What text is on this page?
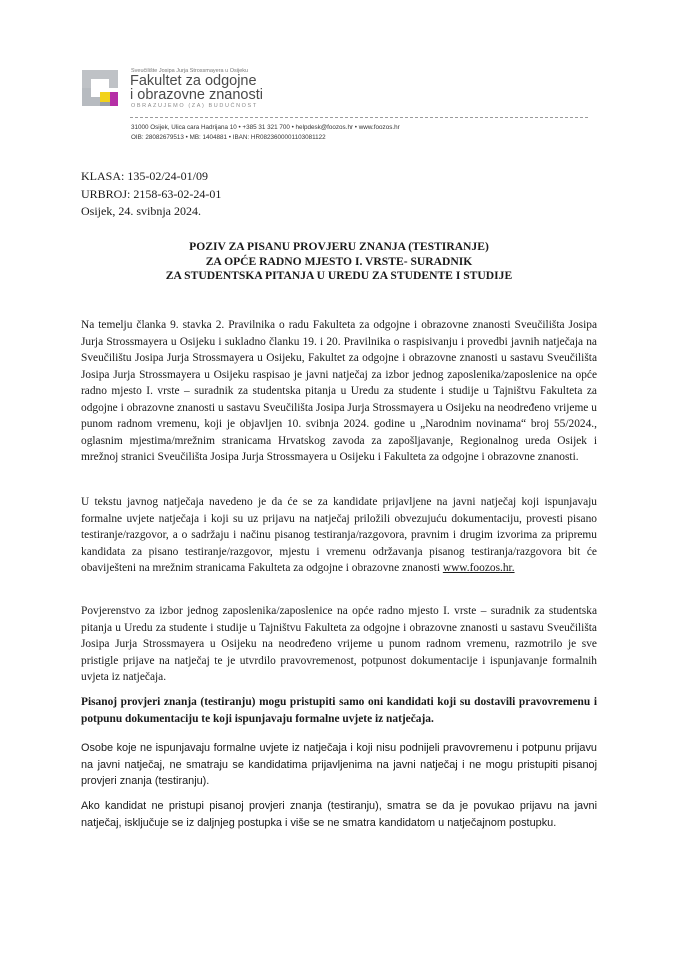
Sveučilište Josipa Jurja Strossmayera u Osijeku
Fakultet za odgojne
i obrazovne znanosti
OBRAZUJEMO (ZA) BUDUĆNOST
31000 Osijek, Ulica cara Hadrijana 10 • +385 31 321 700 • helpdesk@foozos.hr • www.foozos.hr
OIB: 28082679513 • MB: 1404881 • IBAN: HR0823600001103081122
KLASA: 135-02/24-01/09
URBROJ: 2158-63-02-24-01
Osijek, 24. svibnja 2024.
POZIV ZA PISANU PROVJERU ZNANJA (TESTIRANJE)
ZA OPĆE RADNO MJESTO I. VRSTE- SURADNIK
ZA STUDENTSKA PITANJA U UREDU ZA STUDENTE I STUDIJE
Na temelju članka 9. stavka 2. Pravilnika o radu Fakulteta za odgojne i obrazovne znanosti Sveučilišta Josipa Jurja Strossmayera u Osijeku i sukladno članku 19. i 20. Pravilnika o raspisivanju i provedbi javnih natječaja na Sveučilištu Josipa Jurja Strossmayera u Osijeku, Fakultet za odgojne i obrazovne znanosti u sastavu Sveučilišta Josipa Jurja Strossmayera u Osijeku raspisao je javni natječaj za izbor jednog zaposlenika/zaposlenice na opće radno mjesto I. vrste – suradnik za studentska pitanja u Uredu za studente i studije u Tajništvu Fakulteta za odgojne i obrazovne znanosti u sastavu Sveučilišta Josipa Jurja Strossmayera u Osijeku na neodređeno vrijeme u punom radnom vremenu, koji je objavljen 10. svibnja 2024. godine u „Narodnim novinama“ broj 55/2024., oglasnim mjestima/mrežnim stranicama Hrvatskog zavoda za zapošljavanje, Regionalnog ureda Osijek i mrežnoj stranici Sveučilišta Josipa Jurja Strossmayera u Osijeku i Fakulteta za odgojne i obrazovne znanosti.
U tekstu javnog natječaja navedeno je da će se za kandidate prijavljene na javni natječaj koji ispunjavaju formalne uvjete natječaja i koji su uz prijavu na natječaj priložili obvezujuću dokumentaciju, provesti pisano testiranje/razgovor, a o sadržaju i načinu pisanog testiranja/razgovora, pravnim i drugim izvorima za pripremu kandidata za pisano testiranje/razgovor, mjestu i vremenu održavanja pisanog testiranja/razgovora bit će obaviješteni na mrežnim stranicama Fakulteta za odgojne i obrazovne znanosti www.foozos.hr.
Povjerenstvo za izbor jednog zaposlenika/zaposlenice na opće radno mjesto I. vrste – suradnik za studentska pitanja u Uredu za studente i studije u Tajništvu Fakulteta za odgojne i obrazovne znanosti u sastavu Sveučilišta Josipa Jurja Strossmayera u Osijeku na neodređeno vrijeme u punom radnom vremenu, razmotrilo je sve pristigle prijave na natječaj te je utvrdilo pravovremenost, potpunost dokumentacije i ispunjavanje formalnih uvjeta iz natječaja.
Pisanoj provjeri znanja (testiranju) mogu pristupiti samo oni kandidati koji su dostavili pravovremenu i potpunu dokumentaciju te koji ispunjavaju formalne uvjete iz natječaja.
Osobe koje ne ispunjavaju formalne uvjete iz natječaja i koji nisu podnijeli pravovremenu i potpunu prijavu na javni natječaj, ne smatraju se kandidatima prijavljenima na javni natječaj i ne mogu pristupiti pisanoj provjeri znanja (testiranju).
Ako kandidat ne pristupi pisanoj provjeri znanja (testiranju), smatra se da je povukao prijavu na javni natječaj, isključuje se iz daljnjeg postupka i više se ne smatra kandidatom u natječajnom postupku.
